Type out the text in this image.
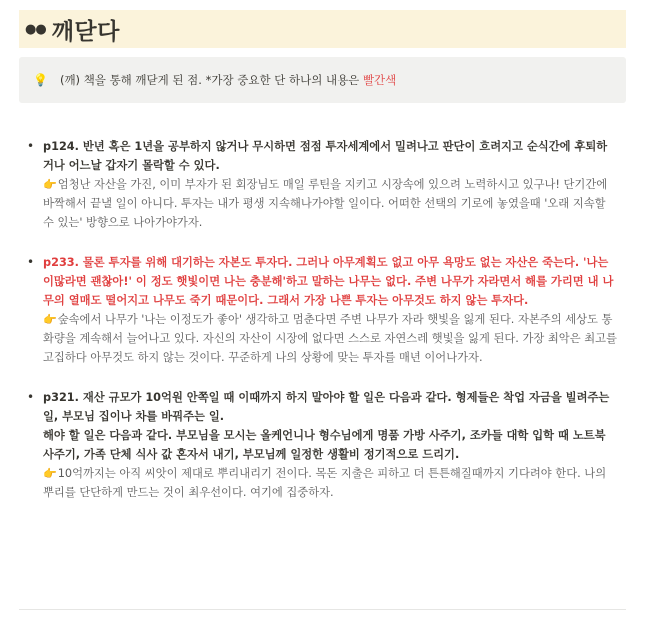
●● 깨닫다
💡 (깨) 책을 통해 깨닫게 된 점. *가장 중요한 단 하나의 내용은 빨간색
• p124. 반년 혹은 1년을 공부하지 않거나 무시하면 점점 투자세계에서 밀려나고 판단이 흐려지고 순식간에 후퇴하거나 어느날 갑자기 몰락할 수 있다.
👉엄청난 자산을 가진, 이미 부자가 된 회장님도 매일 루틴을 지키고 시장속에 있으려 노력하시고 있구나! 단기간에 바짝해서 끝낼 일이 아니다. 투자는 내가 평생 지속해나가야할 일이다. 어떠한 선택의 기로에 놓였을때 '오래 지속할 수 있는' 방향으로 나아가야가자.
• p233. 물론 투자를 위해 대기하는 자본도 투자다. 그러나 아무계획도 없고 아무 욕망도 없는 자산은 죽는다. '나는 이많라면 괜찮아!' 이 정도 햇빛이면 나는 충분해'하고 말하는 나무는 없다. 주변 나무가 자라면서 해를 가리면 내 나무의 열매도 떨어지고 나무도 죽기 때문이다. 그래서 가장 나쁜 투자는 아무것도 하지 않는 투자다.
👉숲속에서 나무가 '나는 이정도가 좋아' 생각하고 멈춘다면 주변 나무가 자라 햇빛을 잃게 된다. 자본주의 세상도 통화량을 계속해서 늘어나고 있다. 자신의 자산이 시장에 없다면 스스로 자연스레 햇빛을 잃게 된다. 가장 최악은 최고를 고집하다 아무것도 하지 않는 것이다. 꾸준하게 나의 상황에 맞는 투자를 매년 이어나가자.
• p321. 재산 규모가 10억원 안쪽일 때 이때까지 하지 말아야 할 일은 다음과 같다. 형제들은 착업 자금을 빌려주는 일, 부모님 집이나 차를 바꿔주는 일.
해야 할 일은 다음과 같다. 부모님을 모시는 올케언니나 형수님에게 명품 가방 사주기, 조카들 대학 입학 때 노트북 사주기, 가족 단체 식사 값 혼자서 내기, 부모님께 일정한 생활비 정기적으로 드리기.
👉10억까지는 아직 씨앗이 제대로 뿌리내리기 전이다. 목돈 지출은 피하고 더 튼튼해질때까지 기다려야 한다. 나의 뿌리를 단단하게 만드는 것이 최우선이다. 여기에 집중하자.
